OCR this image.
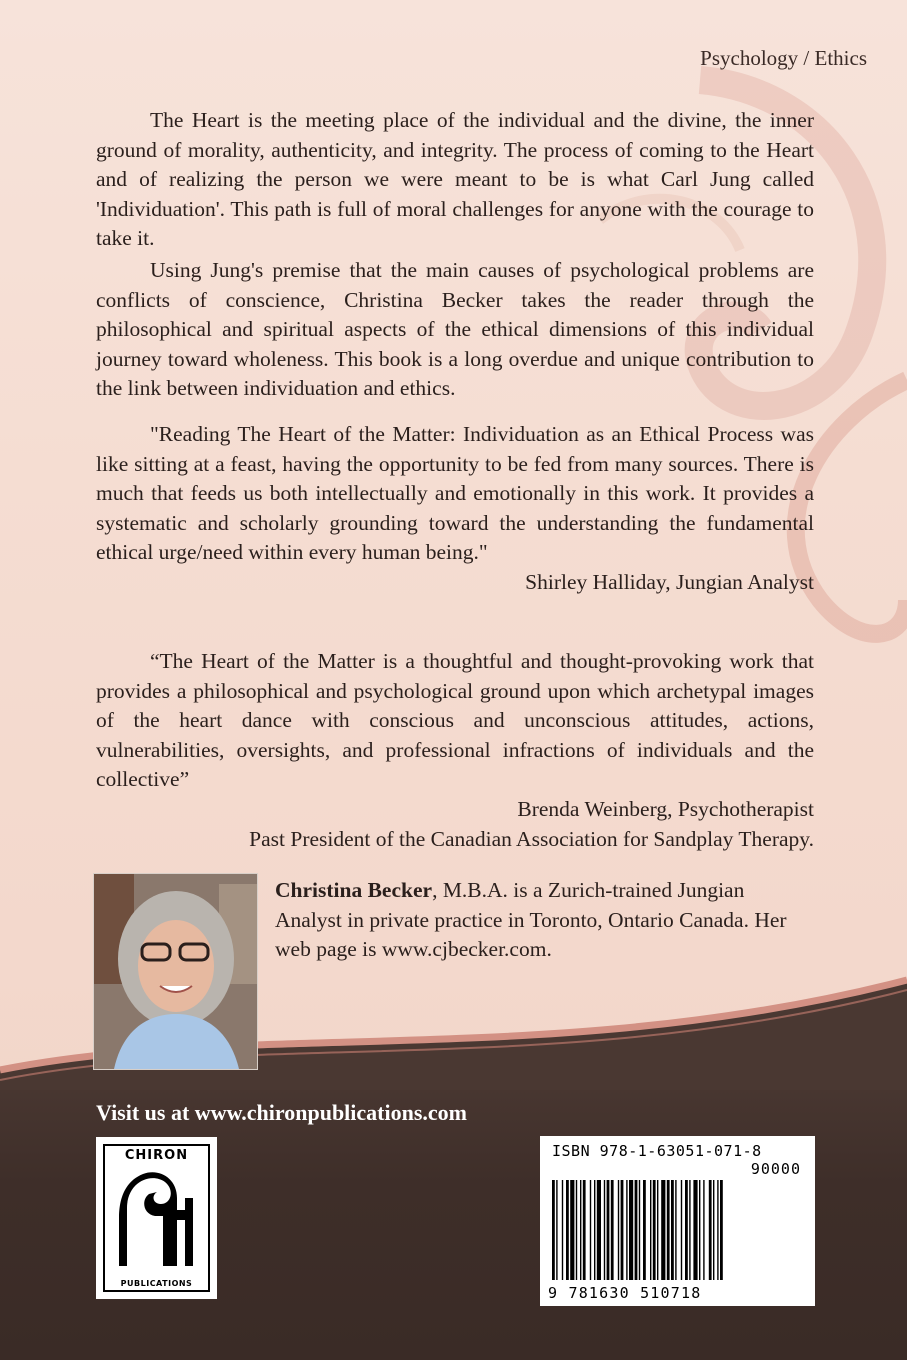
Psychology / Ethics

The Heart is the meeting place of the individual and the divine, the inner ground of morality, authenticity, and integrity. The process of coming to the Heart and of realizing the person we were meant to be is what Carl Jung called 'Individuation'. This path is full of moral challenges for anyone with the courage to take it.

Using Jung's premise that the main causes of psychological problems are conflicts of conscience, Christina Becker takes the reader through the philosophical and spiritual aspects of the ethical dimensions of this individual journey toward wholeness. This book is a long overdue and unique contribution to the link between individuation and ethics.

"Reading The Heart of the Matter: Individuation as an Ethical Process was like sitting at a feast, having the opportunity to be fed from many sources. There is much that feeds us both intellectually and emotionally in this work. It provides a systematic and scholarly grounding toward the understanding the fundamental ethical urge/need within every human being."

Shirley Halliday, Jungian Analyst

“The Heart of the Matter is a thoughtful and thought-provoking work that provides a philosophical and psychological ground upon which archetypal images of the heart dance with conscious and unconscious attitudes, actions, vulnerabilities, oversights, and professional infractions of individuals and the collective”

Brenda Weinberg, Psychotherapist

Past President of the Canadian Association for Sandplay Therapy.

Christina Becker, M.B.A. is a Zurich-trained Jungian Analyst in private practice in Toronto, Ontario Canada. Her web page is www.cjbecker.com.
Visit us at www.chironpublications.com
CHIRON
PUBLICATIONS
ISBN 978-1-63051-071-8
90000
9 781630 510718
